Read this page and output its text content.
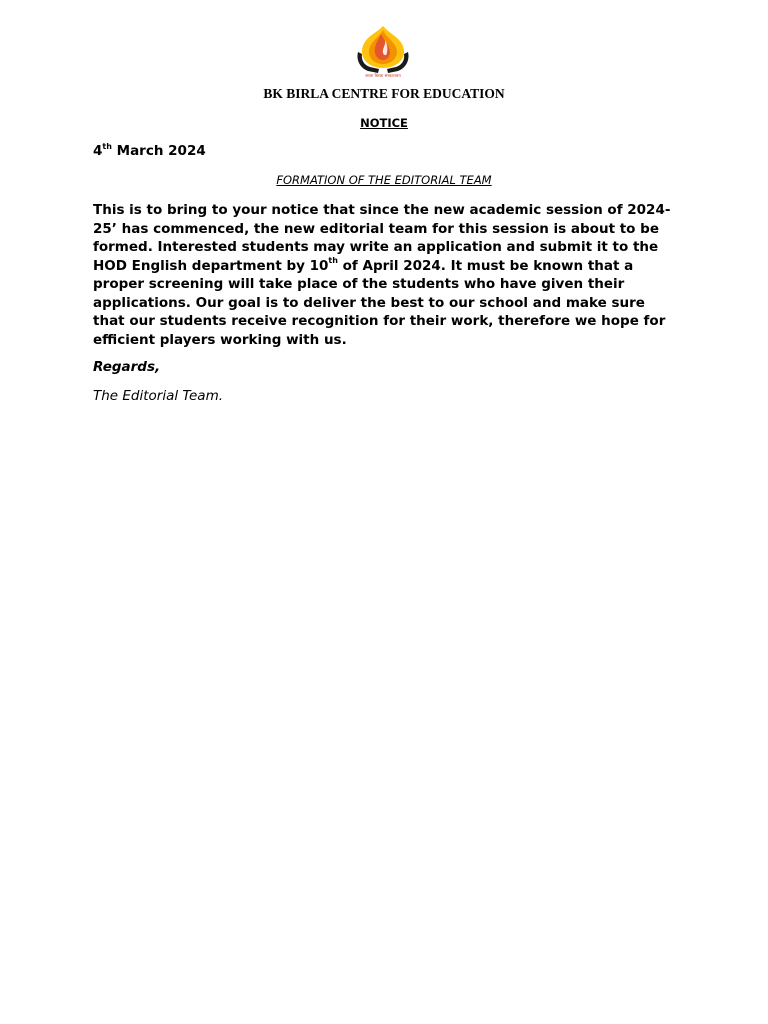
सरला बिरला संस्कारालय
BK BIRLA CENTRE FOR EDUCATION
NOTICE
4th March 2024
FORMATION OF THE EDITORIAL TEAM
This is to bring to your notice that since the new academic session of 2024-
25’ has commenced, the new editorial team for this session is about to be
formed. Interested students may write an application and submit it to the
HOD English department by 10th of April 2024. It must be known that a
proper screening will take place of the students who have given their
applications. Our goal is to deliver the best to our school and make sure
that our students receive recognition for their work, therefore we hope for
efficient players working with us.
Regards,
The Editorial Team.
